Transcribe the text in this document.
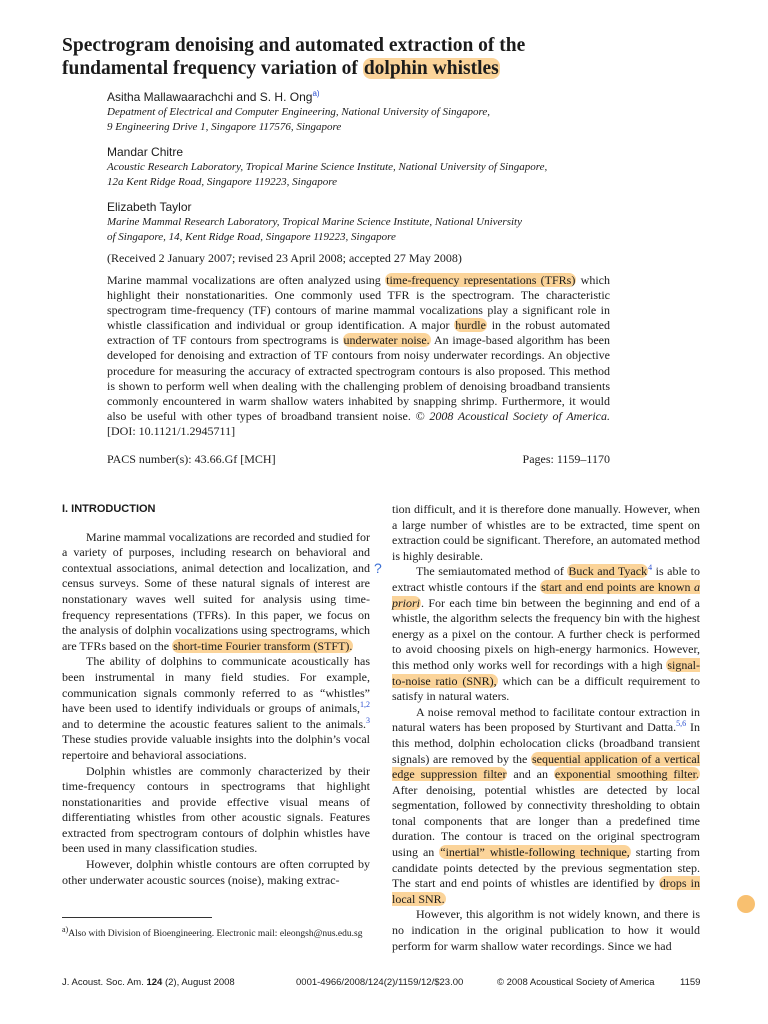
Spectrogram denoising and automated extraction of the
fundamental frequency variation of dolphin whistles
Asitha Mallawaarachchi and S. H. Ong$^{a)}$
Depatment of Electrical and Computer Engineering, National University of Singapore,
9 Engineering Drive 1, Singapore 117576, Singapore
Mandar Chitre
Acoustic Research Laboratory, Tropical Marine Science Institute, National University of Singapore,
12a Kent Ridge Road, Singapore 119223, Singapore
Elizabeth Taylor
Marine Mammal Research Laboratory, Tropical Marine Science Institute, National University
of Singapore, 14, Kent Ridge Road, Singapore 119223, Singapore
(Received 2 January 2007; revised 23 April 2008; accepted 27 May 2008)
Marine mammal vocalizations are often analyzed using time-frequency representations (TFRs) which highlight their nonstationarities. One commonly used TFR is the spectrogram. The characteristic spectrogram time-frequency (TF) contours of marine mammal vocalizations play a significant role in whistle classification and individual or group identification. A major hurdle in the robust automated extraction of TF contours from spectrograms is underwater noise. An image-based algorithm has been developed for denoising and extraction of TF contours from noisy underwater recordings. An objective procedure for measuring the accuracy of extracted spectrogram contours is also proposed. This method is shown to perform well when dealing with the challenging problem of denoising broadband transients commonly encountered in warm shallow waters inhabited by snapping shrimp. Furthermore, it would also be useful with other types of broadband transient noise. © 2008 Acoustical Society of America. [DOI: 10.1121/1.2945711]
PACS number(s): 43.66.Gf [MCH]	Pages: 1159–1170
I. INTRODUCTION

Marine mammal vocalizations are recorded and studied for a variety of purposes, including research on behavioral and contextual associations, animal detection and localization, and census surveys. Some of these natural signals of interest are nonstationary waves well suited for analysis using time-frequency representations (TFRs). In this paper, we focus on the analysis of dolphin vocalizations using spectrograms, which are TFRs based on the short-time Fourier transform (STFT).

The ability of dolphins to communicate acoustically has been instrumental in many field studies. For example, communication signals commonly referred to as “whistles” have been used to identify individuals or groups of animals,$^{1,2}$ and to determine the acoustic features salient to the animals.$^3$ These studies provide valuable insights into the dolphin’s vocal repertoire and behavioral associations.

Dolphin whistles are commonly characterized by their time-frequency contours in spectrograms that highlight nonstationarities and provide effective visual means of differentiating whistles from other acoustic signals. Features extracted from spectrogram contours of dolphin whistles have been used in many classification studies.

However, dolphin whistle contours are often corrupted by other underwater acoustic sources (noise), making extrac-

?

tion difficult, and it is therefore done manually. However, when a large number of whistles are to be extracted, time spent on extraction could be significant. Therefore, an automated method is highly desirable.

The semiautomated method of Buck and Tyack$^4$ is able to extract whistle contours if the start and end points are known a priori. For each time bin between the beginning and end of a whistle, the algorithm selects the frequency bin with the highest energy as a pixel on the contour. A further check is performed to avoid choosing pixels on high-energy harmonics. However, this method only works well for recordings with a high signal-to-noise ratio (SNR), which can be a difficult requirement to satisfy in natural waters.

A noise removal method to facilitate contour extraction in natural waters has been proposed by Sturtivant and Datta.$^{5,6}$ In this method, dolphin echolocation clicks (broadband transient signals) are removed by the sequential application of a vertical edge suppression filter and an exponential smoothing filter. After denoising, potential whistles are detected by local segmentation, followed by connectivity thresholding to obtain tonal components that are longer than a predefined time duration. The contour is traced on the original spectrogram using an “inertial” whistle-following technique, starting from candidate points detected by the previous segmentation step. The start and end points of whistles are identified by drops in local SNR.

However, this algorithm is not widely known, and there is no indication in the original publication to how it would perform for warm shallow water recordings. Since we had

$^{a)}$Also with Division of Bioengineering. Electronic mail: eleongsh@nus.edu.sg
J. Acoust. Soc. Am. 124 (2), August 2008	0001-4966/2008/124(2)/1159/12/$23.00	© 2008 Acoustical Society of America	1159
